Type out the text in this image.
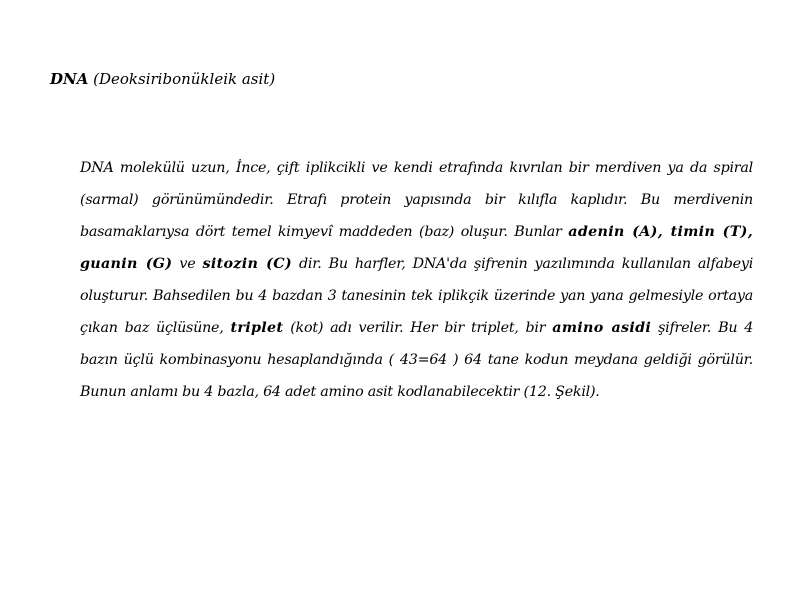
DNA (Deoksiribonükleik asit)

DNA molekülü uzun, İnce, çift iplikcikli ve kendi etrafında kıvrılan bir merdiven ya da spiral (sarmal) görünümündedir. Etrafı protein yapısında bir kılıfla kaplıdır. Bu merdivenin basamaklarıysa dört temel kimyevî maddeden (baz) oluşur. Bunlar adenin (A), timin (T), guanin (G) ve sitozin (C) dir. Bu harfler, DNA'da şifrenin yazılımında kullanılan alfabeyi oluşturur. Bahsedilen bu 4 bazdan 3 tanesinin tek iplikçik üzerinde yan yana gelmesiyle ortaya çıkan baz üçlüsüne, triplet (kot) adı verilir. Her bir triplet, bir amino asidi şifreler. Bu 4 bazın üçlü kombinasyonu hesaplandığında ( 43=64 ) 64 tane kodun meydana geldiği görülür. Bunun anlamı bu 4 bazla, 64 adet amino asit kodlanabilecektir (12. Şekil).
